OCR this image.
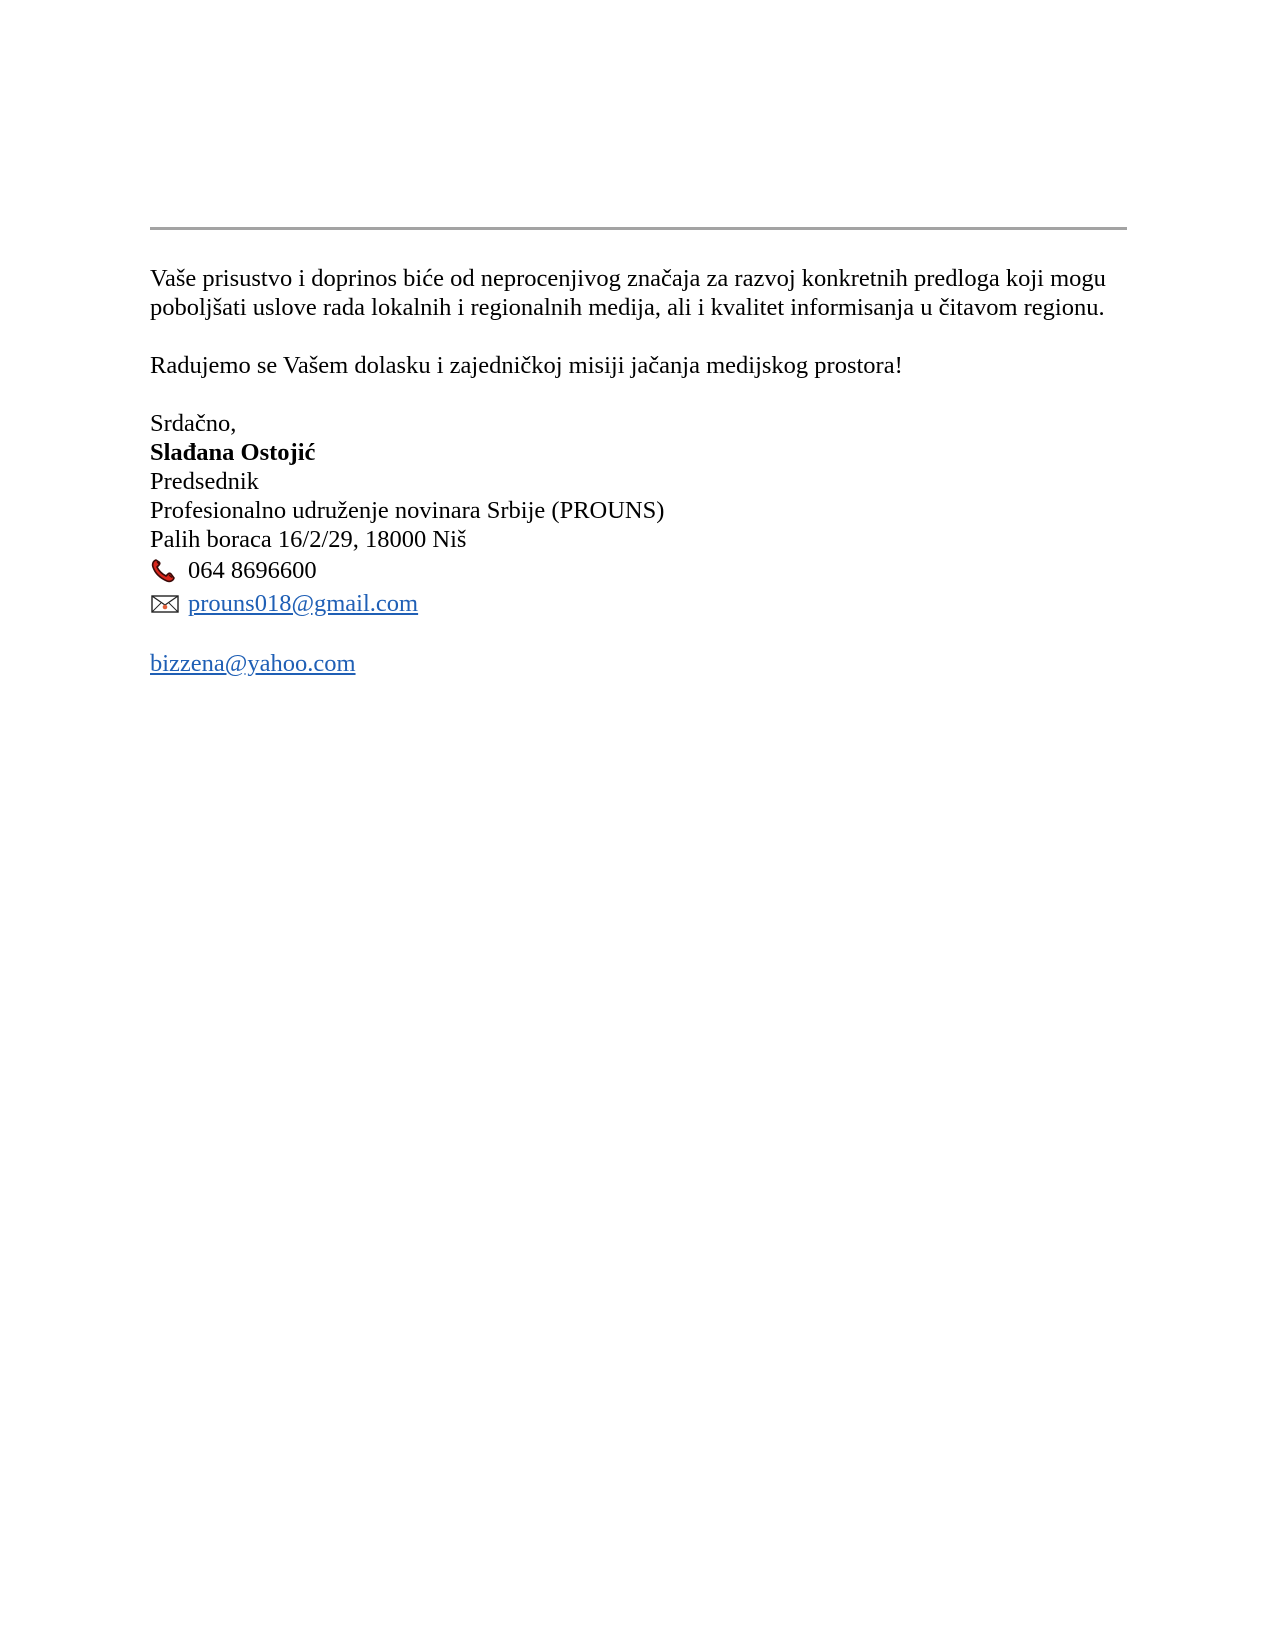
Vaše prisustvo i doprinos biće od neprocenjivog značaja za razvoj konkretnih predloga koji mogu poboljšati uslove rada lokalnih i regionalnih medija, ali i kvalitet informisanja u čitavom regionu.

Radujemo se Vašem dolasku i zajedničkoj misiji jačanja medijskog prostora!

Srdačno,
Slađana Ostojić
Predsednik
Profesionalno udruženje novinara Srbije (PROUNS)
Palih boraca 16/2/29, 18000 Niš
064 8696600
prouns018@gmail.com
bizzena@yahoo.com
